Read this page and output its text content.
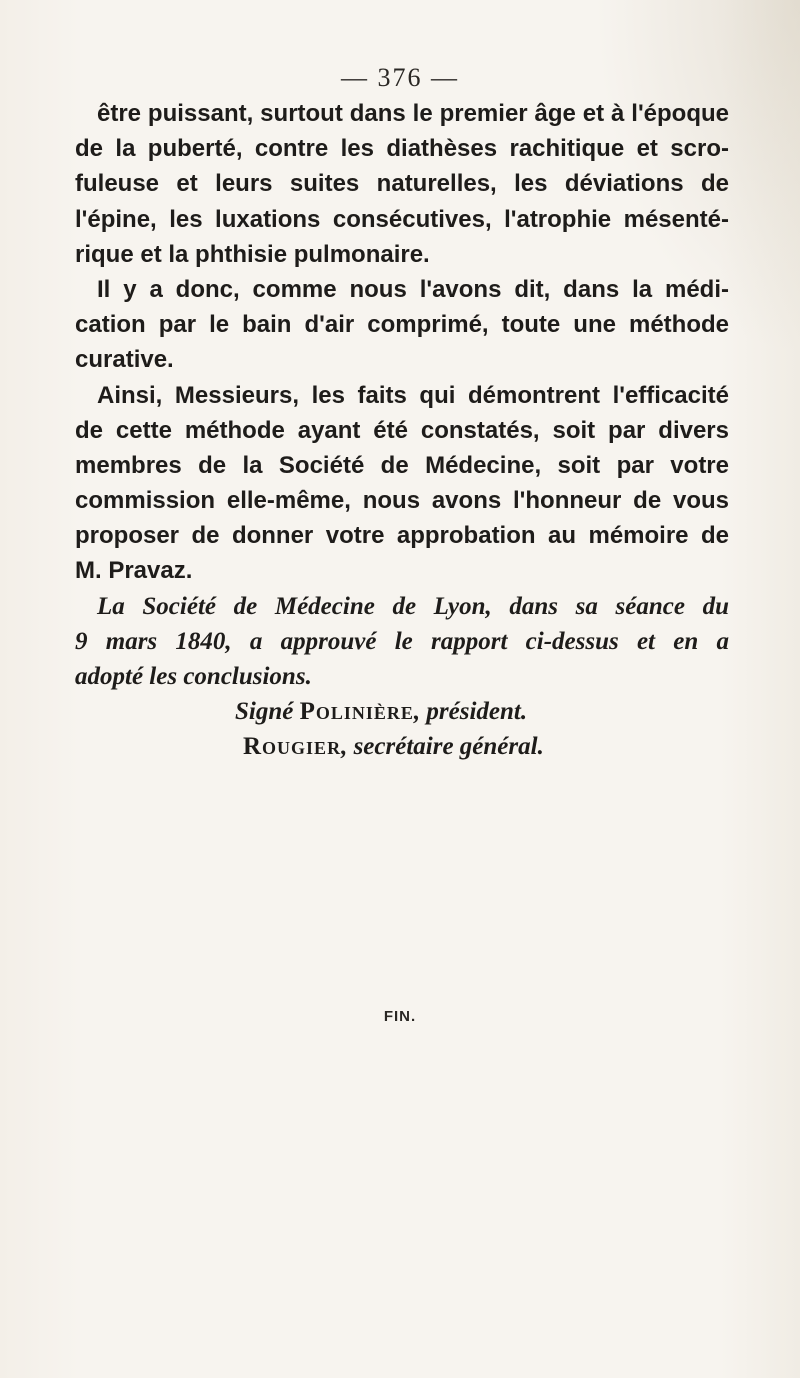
— 376 —
être puissant, surtout dans le premier âge et à l'époque
de la puberté, contre les diathèses rachitique et scro-
fuleuse et leurs suites naturelles, les déviations de
l'épine, les luxations consécutives, l'atrophie mésenté-
rique et la phthisie pulmonaire.
Il y a donc, comme nous l'avons dit, dans la médi-
cation par le bain d'air comprimé, toute une méthode
curative.
Ainsi, Messieurs, les faits qui démontrent l'efficacité
de cette méthode ayant été constatés, soit par divers
membres de la Société de Médecine, soit par votre
commission elle-même, nous avons l'honneur de vous
proposer de donner votre approbation au mémoire de
M. Pravaz.
La Société de Médecine de Lyon, dans sa séance du
9 mars 1840, a approuvé le rapport ci-dessus et en a
adopté les conclusions.
Signé Polinière, président.
Rougier, secrétaire général.
FIN.
